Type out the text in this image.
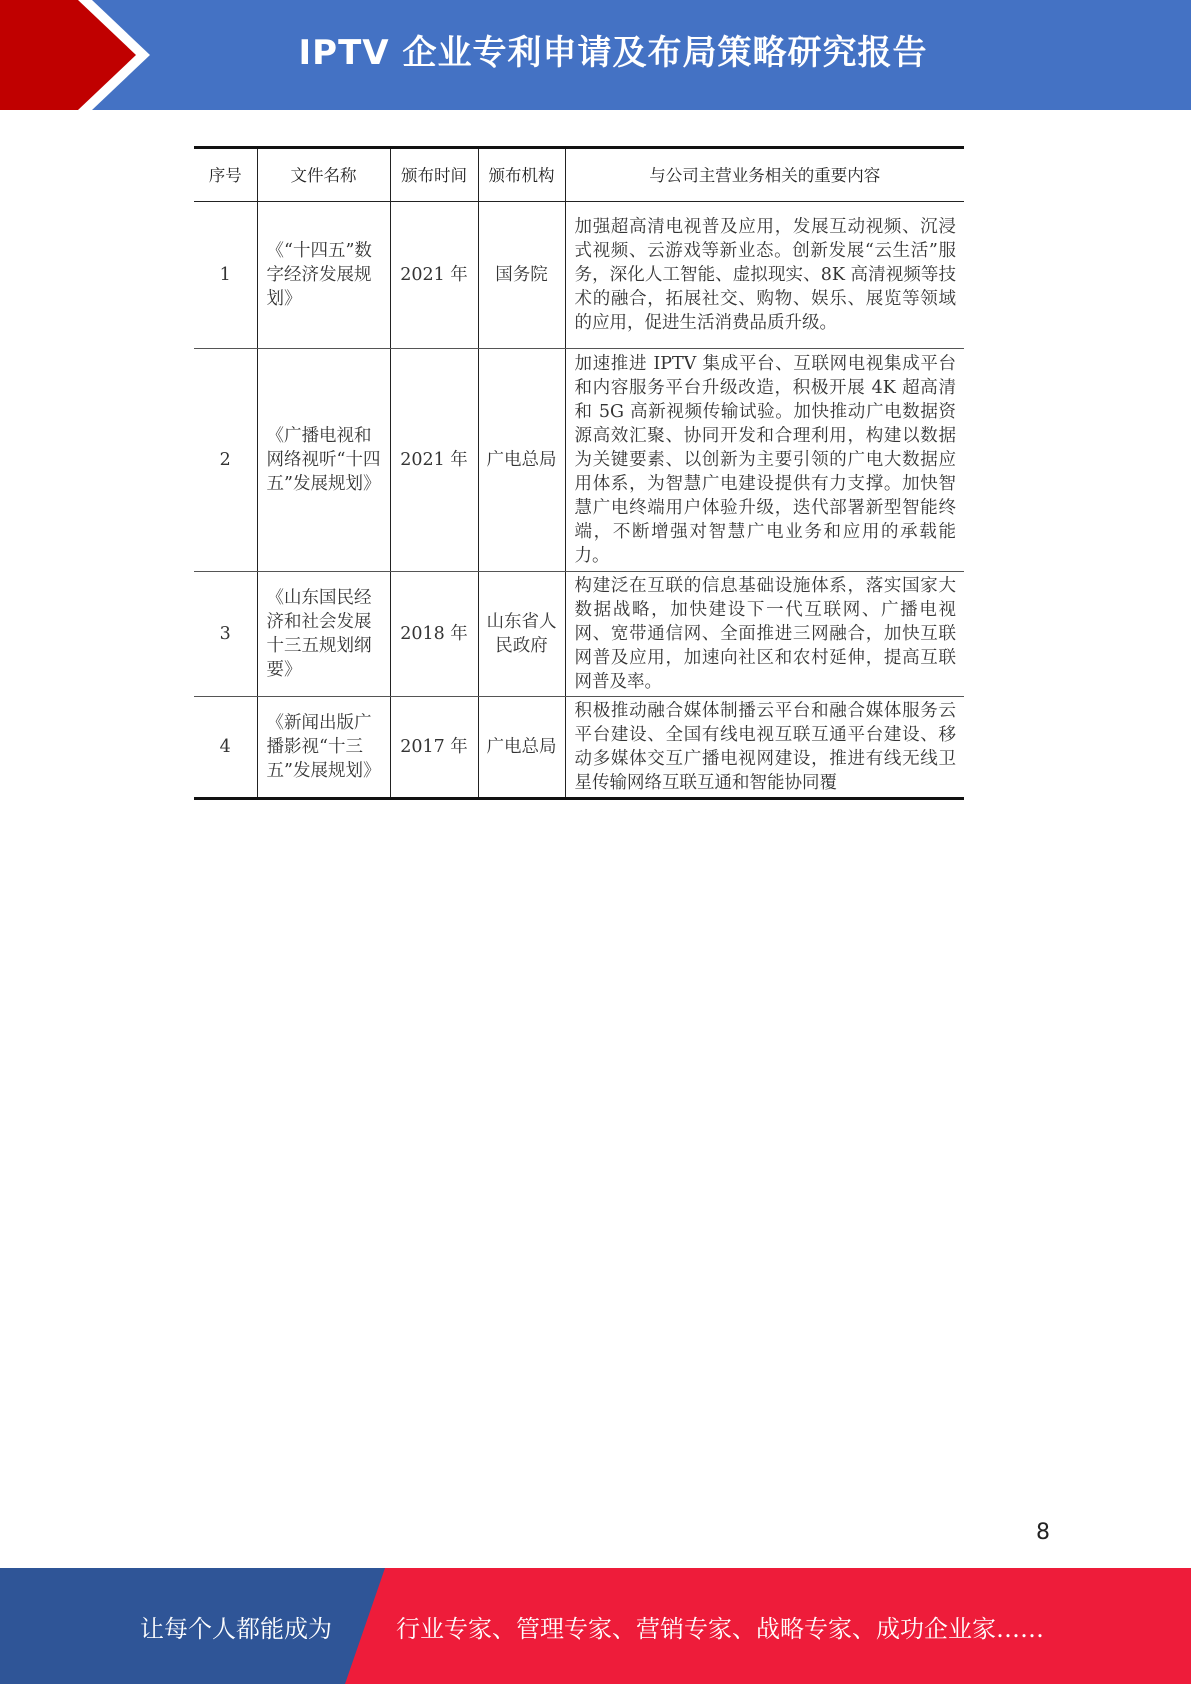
IPTV 企业专利申请及布局策略研究报告
序号	文件名称	颁布时间	颁布机构	与公司主营业务相关的重要内容
1	《“十四五”数字经济发展规划》	2021 年	国务院	加强超高清电视普及应用，发展互动视频、沉浸式视频、云游戏等新业态。创新发展“云生活”服务，深化人工智能、虚拟现实、8K 高清视频等技术的融合，拓展社交、购物、娱乐、展览等领域的应用，促进生活消费品质升级。
2	《广播电视和网络视听“十四五”发展规划》	2021 年	广电总局	加速推进 IPTV 集成平台、互联网电视集成平台和内容服务平台升级改造，积极开展 4K 超高清和 5G 高新视频传输试验。加快推动广电数据资源高效汇聚、协同开发和合理利用，构建以数据为关键要素、以创新为主要引领的广电大数据应用体系，为智慧广电建设提供有力支撑。加快智慧广电终端用户体验升级，迭代部署新型智能终端，不断增强对智慧广电业务和应用的承载能力。
3	《山东国民经济和社会发展十三五规划纲要》	2018 年	山东省人民政府	构建泛在互联的信息基础设施体系，落实国家大数据战略，加快建设下一代互联网、广播电视网、宽带通信网、全面推进三网融合，加快互联网普及应用，加速向社区和农村延伸，提高互联网普及率。
4	《新闻出版广播影视“十三五”发展规划》	2017 年	广电总局	积极推动融合媒体制播云平台和融合媒体服务云平台建设、全国有线电视互联互通平台建设、移动多媒体交互广播电视网建设，推进有线无线卫星传输网络互联互通和智能协同覆
8
让每个人都能成为	行业专家、管理专家、营销专家、战略专家、成功企业家……
